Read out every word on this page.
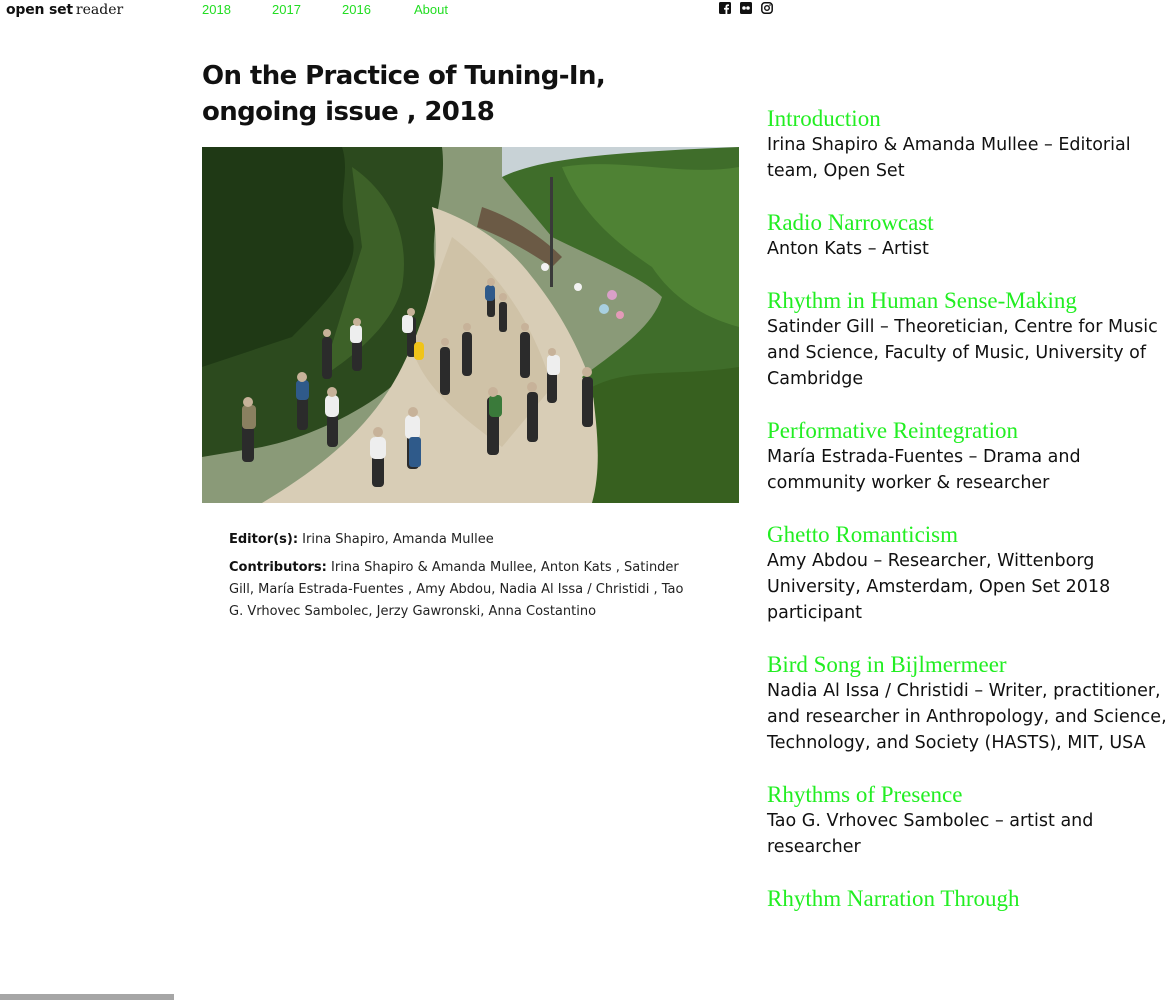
open set reader	2018	2017	2016	About
On the Practice of Tuning-In, ongoing issue , 2018

Editor(s): Irina Shapiro, Amanda Mullee

Contributors: Irina Shapiro & Amanda Mullee, Anton Kats , Satinder Gill, María Estrada-Fuentes , Amy Abdou, Nadia Al Issa / Christidi , Tao G. Vrhovec Sambolec, Jerzy Gawronski, Anna Costantino

Introduction
Irina Shapiro & Amanda Mullee – Editorial team, Open Set
Radio Narrowcast
Anton Kats – Artist
Rhythm in Human Sense-Making
Satinder Gill – Theoretician, Centre for Music and Science, Faculty of Music, University of Cambridge
Performative Reintegration
María Estrada-Fuentes – Drama and community worker & researcher
Ghetto Romanticism
Amy Abdou – Researcher, Wittenborg University, Amsterdam, Open Set 2018 participant
Bird Song in Bijlmermeer
Nadia Al Issa / Christidi – Writer, practitioner, and researcher in Anthropology, and Science, Technology, and Society (HASTS), MIT, USA
Rhythms of Presence
Tao G. Vrhovec Sambolec – artist and researcher
Rhythm Narration Through
